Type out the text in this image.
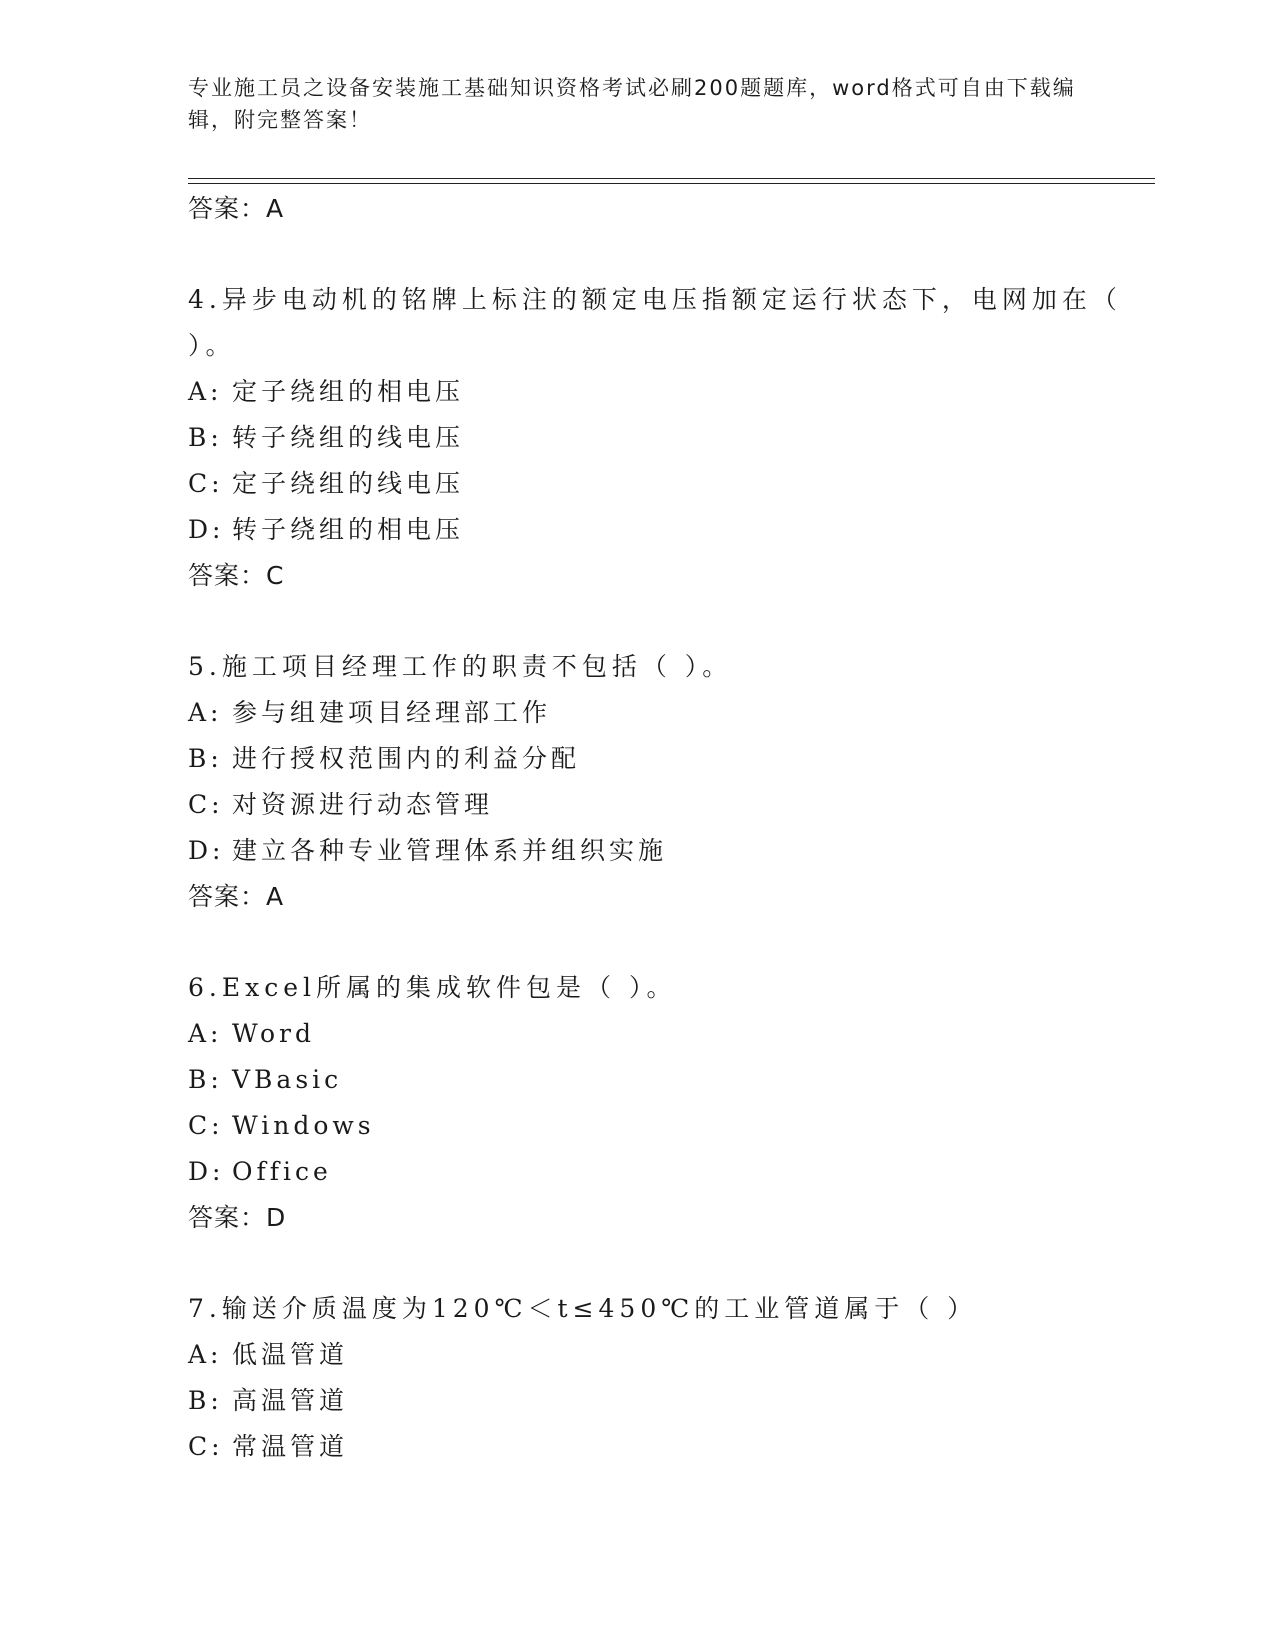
专业施工员之设备安装施工基础知识资格考试必刷200题题库，word格式可自由下载编辑，附完整答案！
答案：A

4.异步电动机的铭牌上标注的额定电压指额定运行状态下，电网加在（ ）。

A: 定子绕组的相电压
B: 转子绕组的线电压
C: 定子绕组的线电压
D: 转子绕组的相电压
答案：C

5.施工项目经理工作的职责不包括（ ）。

A: 参与组建项目经理部工作
B: 进行授权范围内的利益分配
C: 对资源进行动态管理
D: 建立各种专业管理体系并组织实施
答案：A

6.Excel所属的集成软件包是（ ）。

A: Word
B: VBasic
C: Windows
D: Office
答案：D

7.输送介质温度为120℃＜t≤450℃的工业管道属于（ ）

A: 低温管道
B: 高温管道
C: 常温管道
